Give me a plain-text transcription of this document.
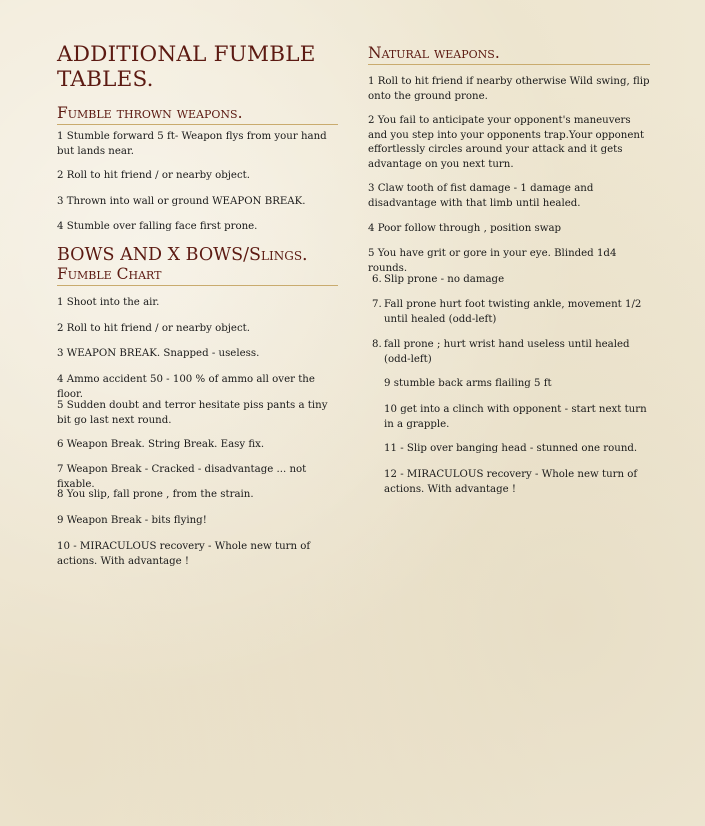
ADDITIONAL FUMBLE TABLES.
Fumble thrown weapons.

1 Stumble forward 5 ft- Weapon flys from your hand but lands near.

2 Roll to hit friend / or nearby object.

3 Thrown into wall or ground WEAPON BREAK.

4 Stumble over falling face first prone.

BOWS AND X BOWS/Slings.
Fumble Chart

1 Shoot into the air.

2 Roll to hit friend / or nearby object.

3 WEAPON BREAK. Snapped - useless.

4 Ammo accident 50 - 100 % of ammo all over the floor.

5 Sudden doubt and terror hesitate piss pants a tiny bit go last next round.

6 Weapon Break. String Break. Easy fix.

7 Weapon Break - Cracked - disadvantage ... not fixable.

8 You slip, fall prone , from the strain.

9 Weapon Break - bits flying!

10 - MIRACULOUS recovery - Whole new turn of actions. With advantage !

Natural weapons.

1 Roll to hit friend if nearby otherwise Wild swing, flip onto the ground prone.

2 You fail to anticipate your opponent's maneuvers and you step into your opponents trap.Your opponent effortlessly circles around your attack and it gets advantage on you next turn.

3 Claw tooth of fist damage - 1 damage and disadvantage with that limb until healed.

4 Poor follow through , position swap

5 You have grit or gore in your eye. Blinded 1d4 rounds.

6. Slip prone - no damage
7. Fall prone hurt foot twisting ankle, movement 1/2 until healed (odd-left)
8. fall prone ; hurt wrist hand useless until healed (odd-left)

9 stumble back arms flailing 5 ft

10 get into a clinch with opponent - start next turn in a grapple.

11 - Slip over banging head - stunned one round.

12 - MIRACULOUS recovery - Whole new turn of actions. With advantage !
